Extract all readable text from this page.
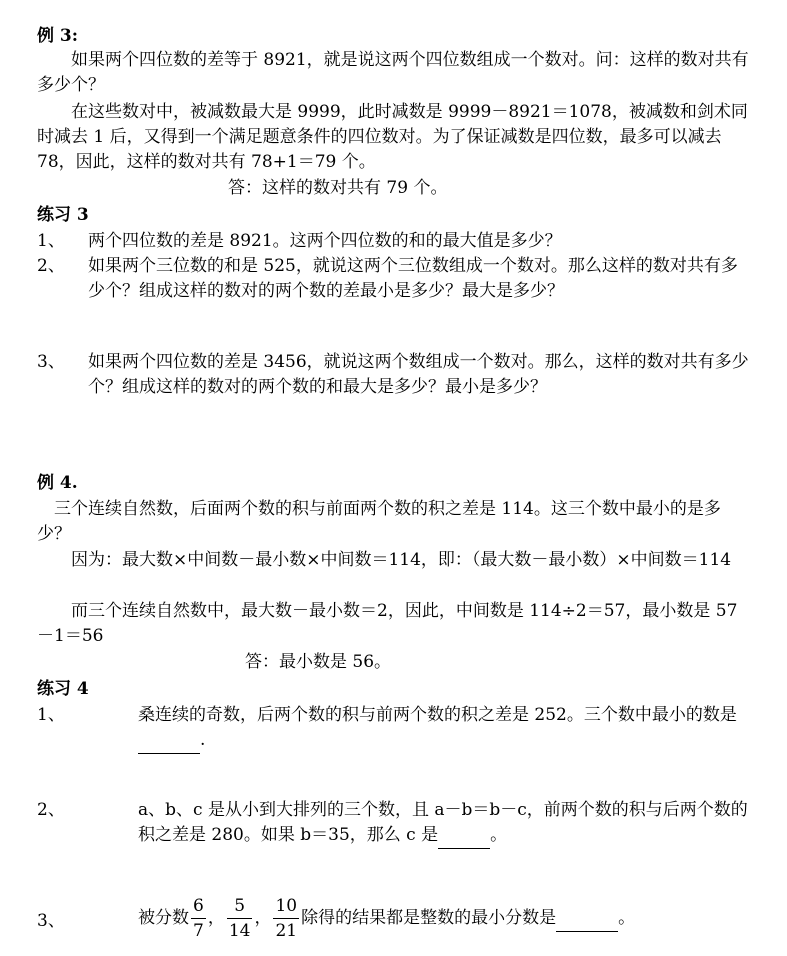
例 3:
如果两个四位数的差等于 8921，就是说这两个四位数组成一个数对。问：这样的数对共有多少个？
在这些数对中，被减数最大是 9999，此时减数是 9999－8921＝1078，被减数和剑术同时减去 1 后，又得到一个满足题意条件的四位数对。为了保证减数是四位数，最多可以减去 78，因此，这样的数对共有 78+1＝79 个。
答：这样的数对共有 79 个。
练习 3
1、 两个四位数的差是 8921。这两个四位数的和的最大值是多少？
2、 如果两个三位数的和是 525，就说这两个三位数组成一个数对。那么这样的数对共有多少个？组成这样的数对的两个数的差最小是多少？最大是多少？
3、 如果两个四位数的差是 3456，就说这两个数组成一个数对。那么，这样的数对共有多少个？组成这样的数对的两个数的和最大是多少？最小是多少？
例 4.
三个连续自然数，后面两个数的积与前面两个数的积之差是 114。这三个数中最小的是多少？
因为：最大数×中间数－最小数×中间数＝114，即：（最大数－最小数）×中间数＝114
而三个连续自然数中，最大数－最小数＝2，因此，中间数是 114÷2＝57，最小数是 57－1＝56
答：最小数是 56。
练习 4
1、	桑连续的奇数，后两个数的积与前两个数的积之差是 252。三个数中最小的数是 .
2、	a、b、c 是从小到大排列的三个数，且 a－b＝b－c，前两个数的积与后两个数的积之差是 280。如果 b＝35，那么 c 是	。
3、	被分数 $\frac{6}{7}$ ， $\frac{5}{14}$ ， $\frac{10}{21}$ 除得的结果都是整数的最小分数是	。
